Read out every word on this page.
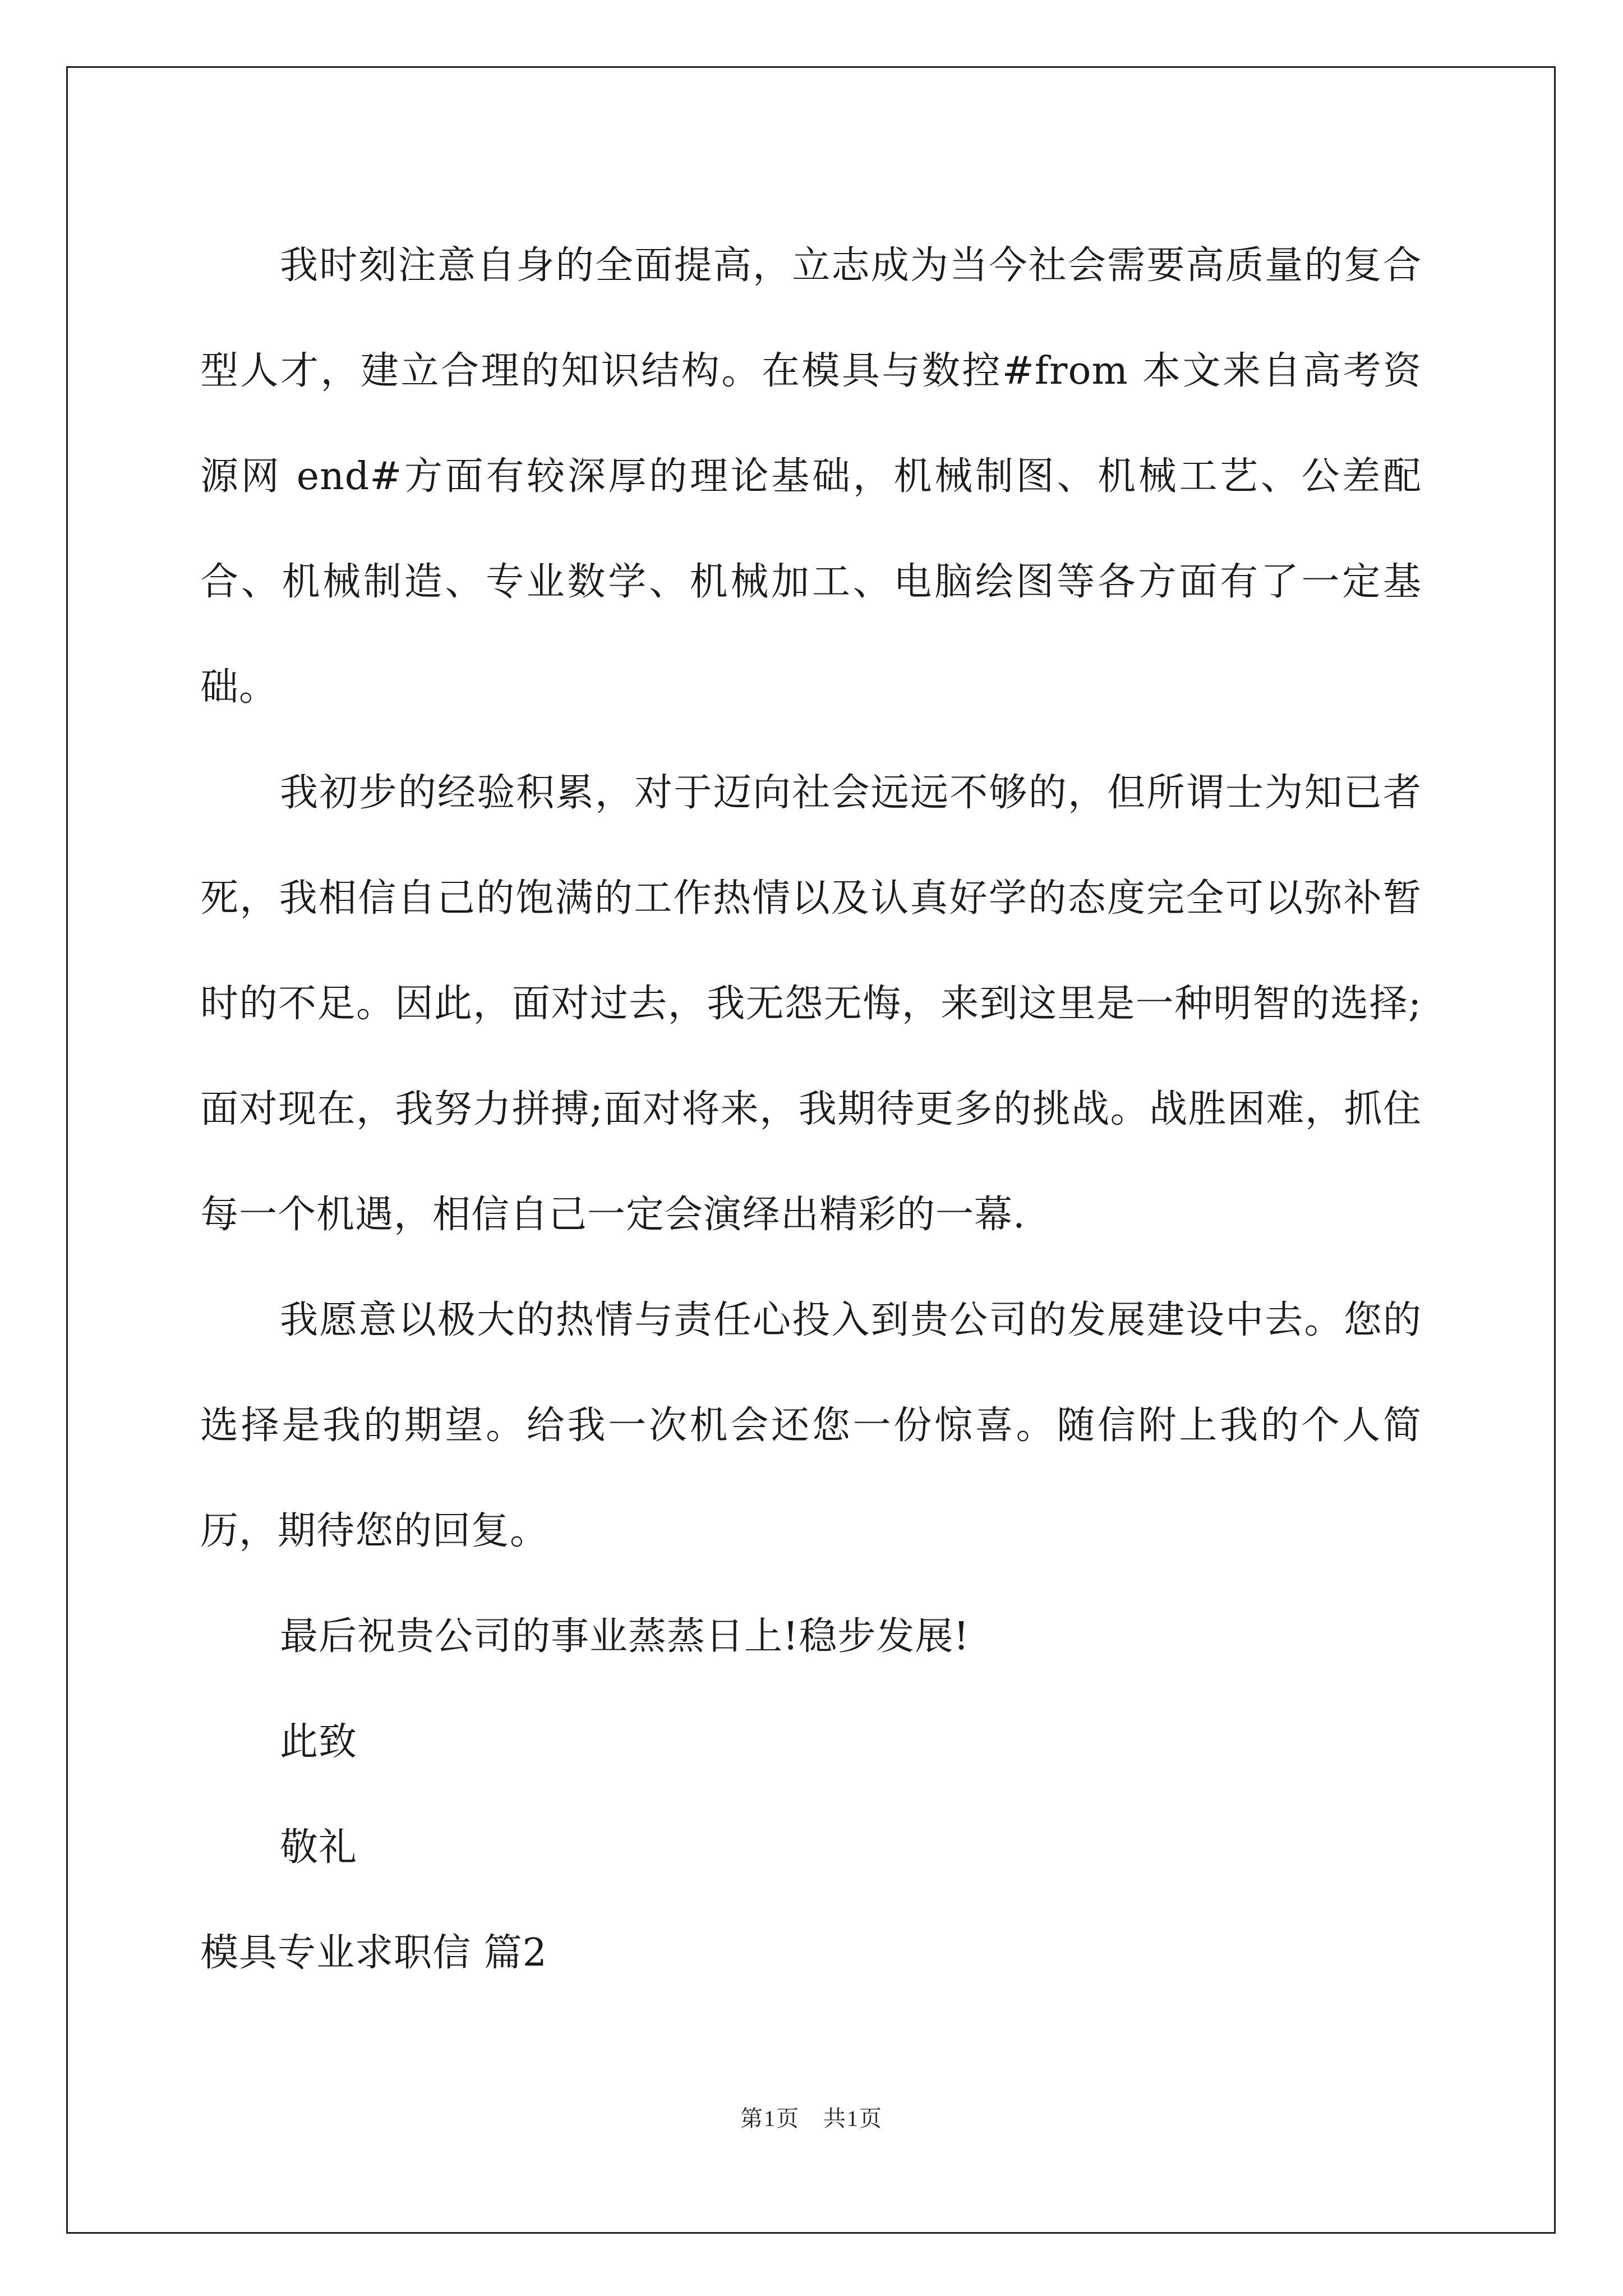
我时刻注意自身的全面提高，立志成为当今社会需要高质量的复合型人才，建立合理的知识结构。在模具与数控#from 本文来自高考资源网 end#方面有较深厚的理论基础，机械制图、机械工艺、公差配合、机械制造、专业数学、机械加工、电脑绘图等各方面有了一定基础。

我初步的经验积累，对于迈向社会远远不够的，但所谓士为知已者死，我相信自己的饱满的工作热情以及认真好学的态度完全可以弥补暂时的不足。因此，面对过去，我无怨无悔，来到这里是一种明智的选择;面对现在，我努力拼搏;面对将来，我期待更多的挑战。战胜困难，抓住每一个机遇，相信自己一定会演绎出精彩的一幕.

我愿意以极大的热情与责任心投入到贵公司的发展建设中去。您的选择是我的期望。给我一次机会还您一份惊喜。随信附上我的个人简历，期待您的回复。

最后祝贵公司的事业蒸蒸日上!稳步发展!

此致

敬礼

模具专业求职信 篇2

第1页　共1页
